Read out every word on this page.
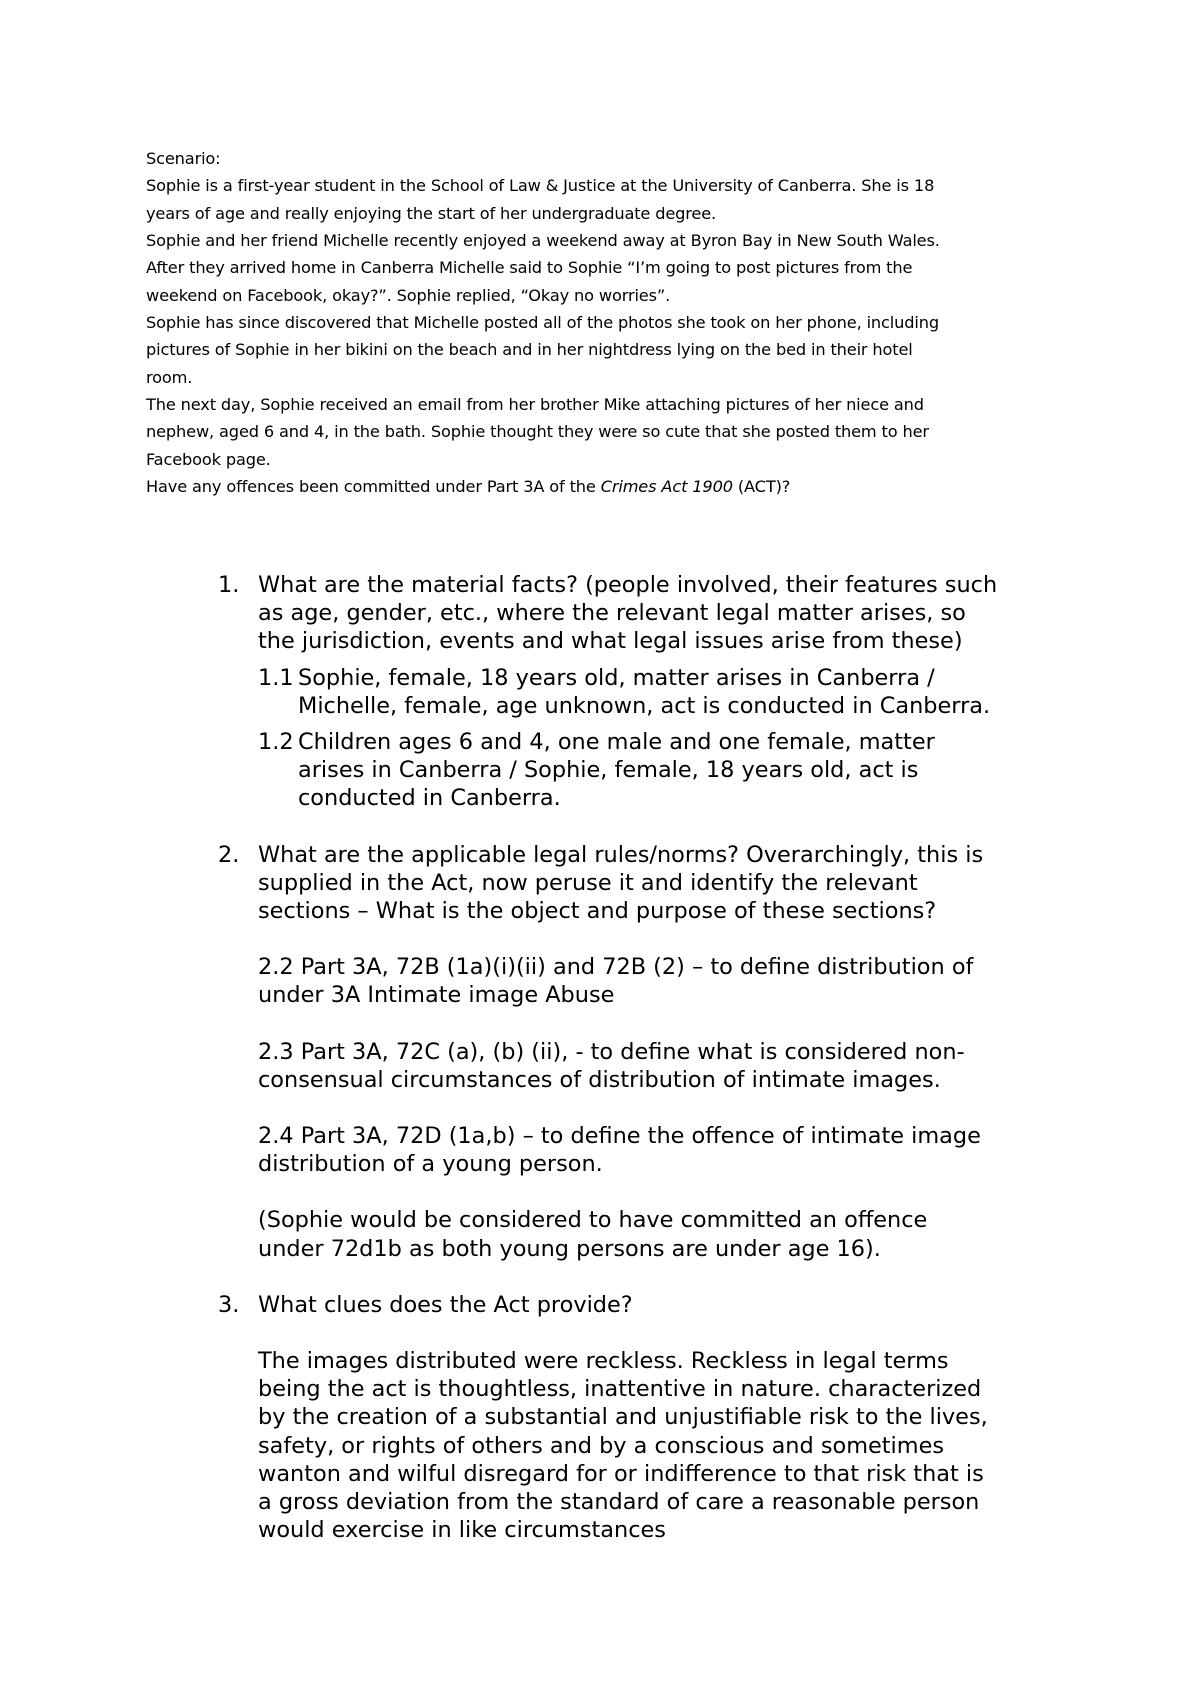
Scenario:
Sophie is a first-year student in the School of Law & Justice at the University of Canberra. She is 18
years of age and really enjoying the start of her undergraduate degree.
Sophie and her friend Michelle recently enjoyed a weekend away at Byron Bay in New South Wales.
After they arrived home in Canberra Michelle said to Sophie “I’m going to post pictures from the
weekend on Facebook, okay?”. Sophie replied, “Okay no worries”.
Sophie has since discovered that Michelle posted all of the photos she took on her phone, including
pictures of Sophie in her bikini on the beach and in her nightdress lying on the bed in their hotel
room.
The next day, Sophie received an email from her brother Mike attaching pictures of her niece and
nephew, aged 6 and 4, in the bath. Sophie thought they were so cute that she posted them to her
Facebook page.
Have any offences been committed under Part 3A of the Crimes Act 1900 (ACT)?
1. What are the material facts? (people involved, their features such
as age, gender, etc., where the relevant legal matter arises, so
the jurisdiction, events and what legal issues arise from these)
1.1 Sophie, female, 18 years old, matter arises in Canberra /
Michelle, female, age unknown, act is conducted in Canberra.
1.2 Children ages 6 and 4, one male and one female, matter
arises in Canberra / Sophie, female, 18 years old, act is
conducted in Canberra.
2. What are the applicable legal rules/norms? Overarchingly, this is
supplied in the Act, now peruse it and identify the relevant
sections – What is the object and purpose of these sections?
2.2 Part 3A, 72B (1a)(i)(ii) and 72B (2) – to define distribution of
under 3A Intimate image Abuse
2.3 Part 3A, 72C (a), (b) (ii), - to define what is considered non-
consensual circumstances of distribution of intimate images.
2.4 Part 3A, 72D (1a,b) – to define the offence of intimate image
distribution of a young person.
(Sophie would be considered to have committed an offence
under 72d1b as both young persons are under age 16).
3. What clues does the Act provide?
The images distributed were reckless. Reckless in legal terms
being the act is thoughtless, inattentive in nature. characterized
by the creation of a substantial and unjustifiable risk to the lives,
safety, or rights of others and by a conscious and sometimes
wanton and wilful disregard for or indifference to that risk that is
a gross deviation from the standard of care a reasonable person
would exercise in like circumstances
